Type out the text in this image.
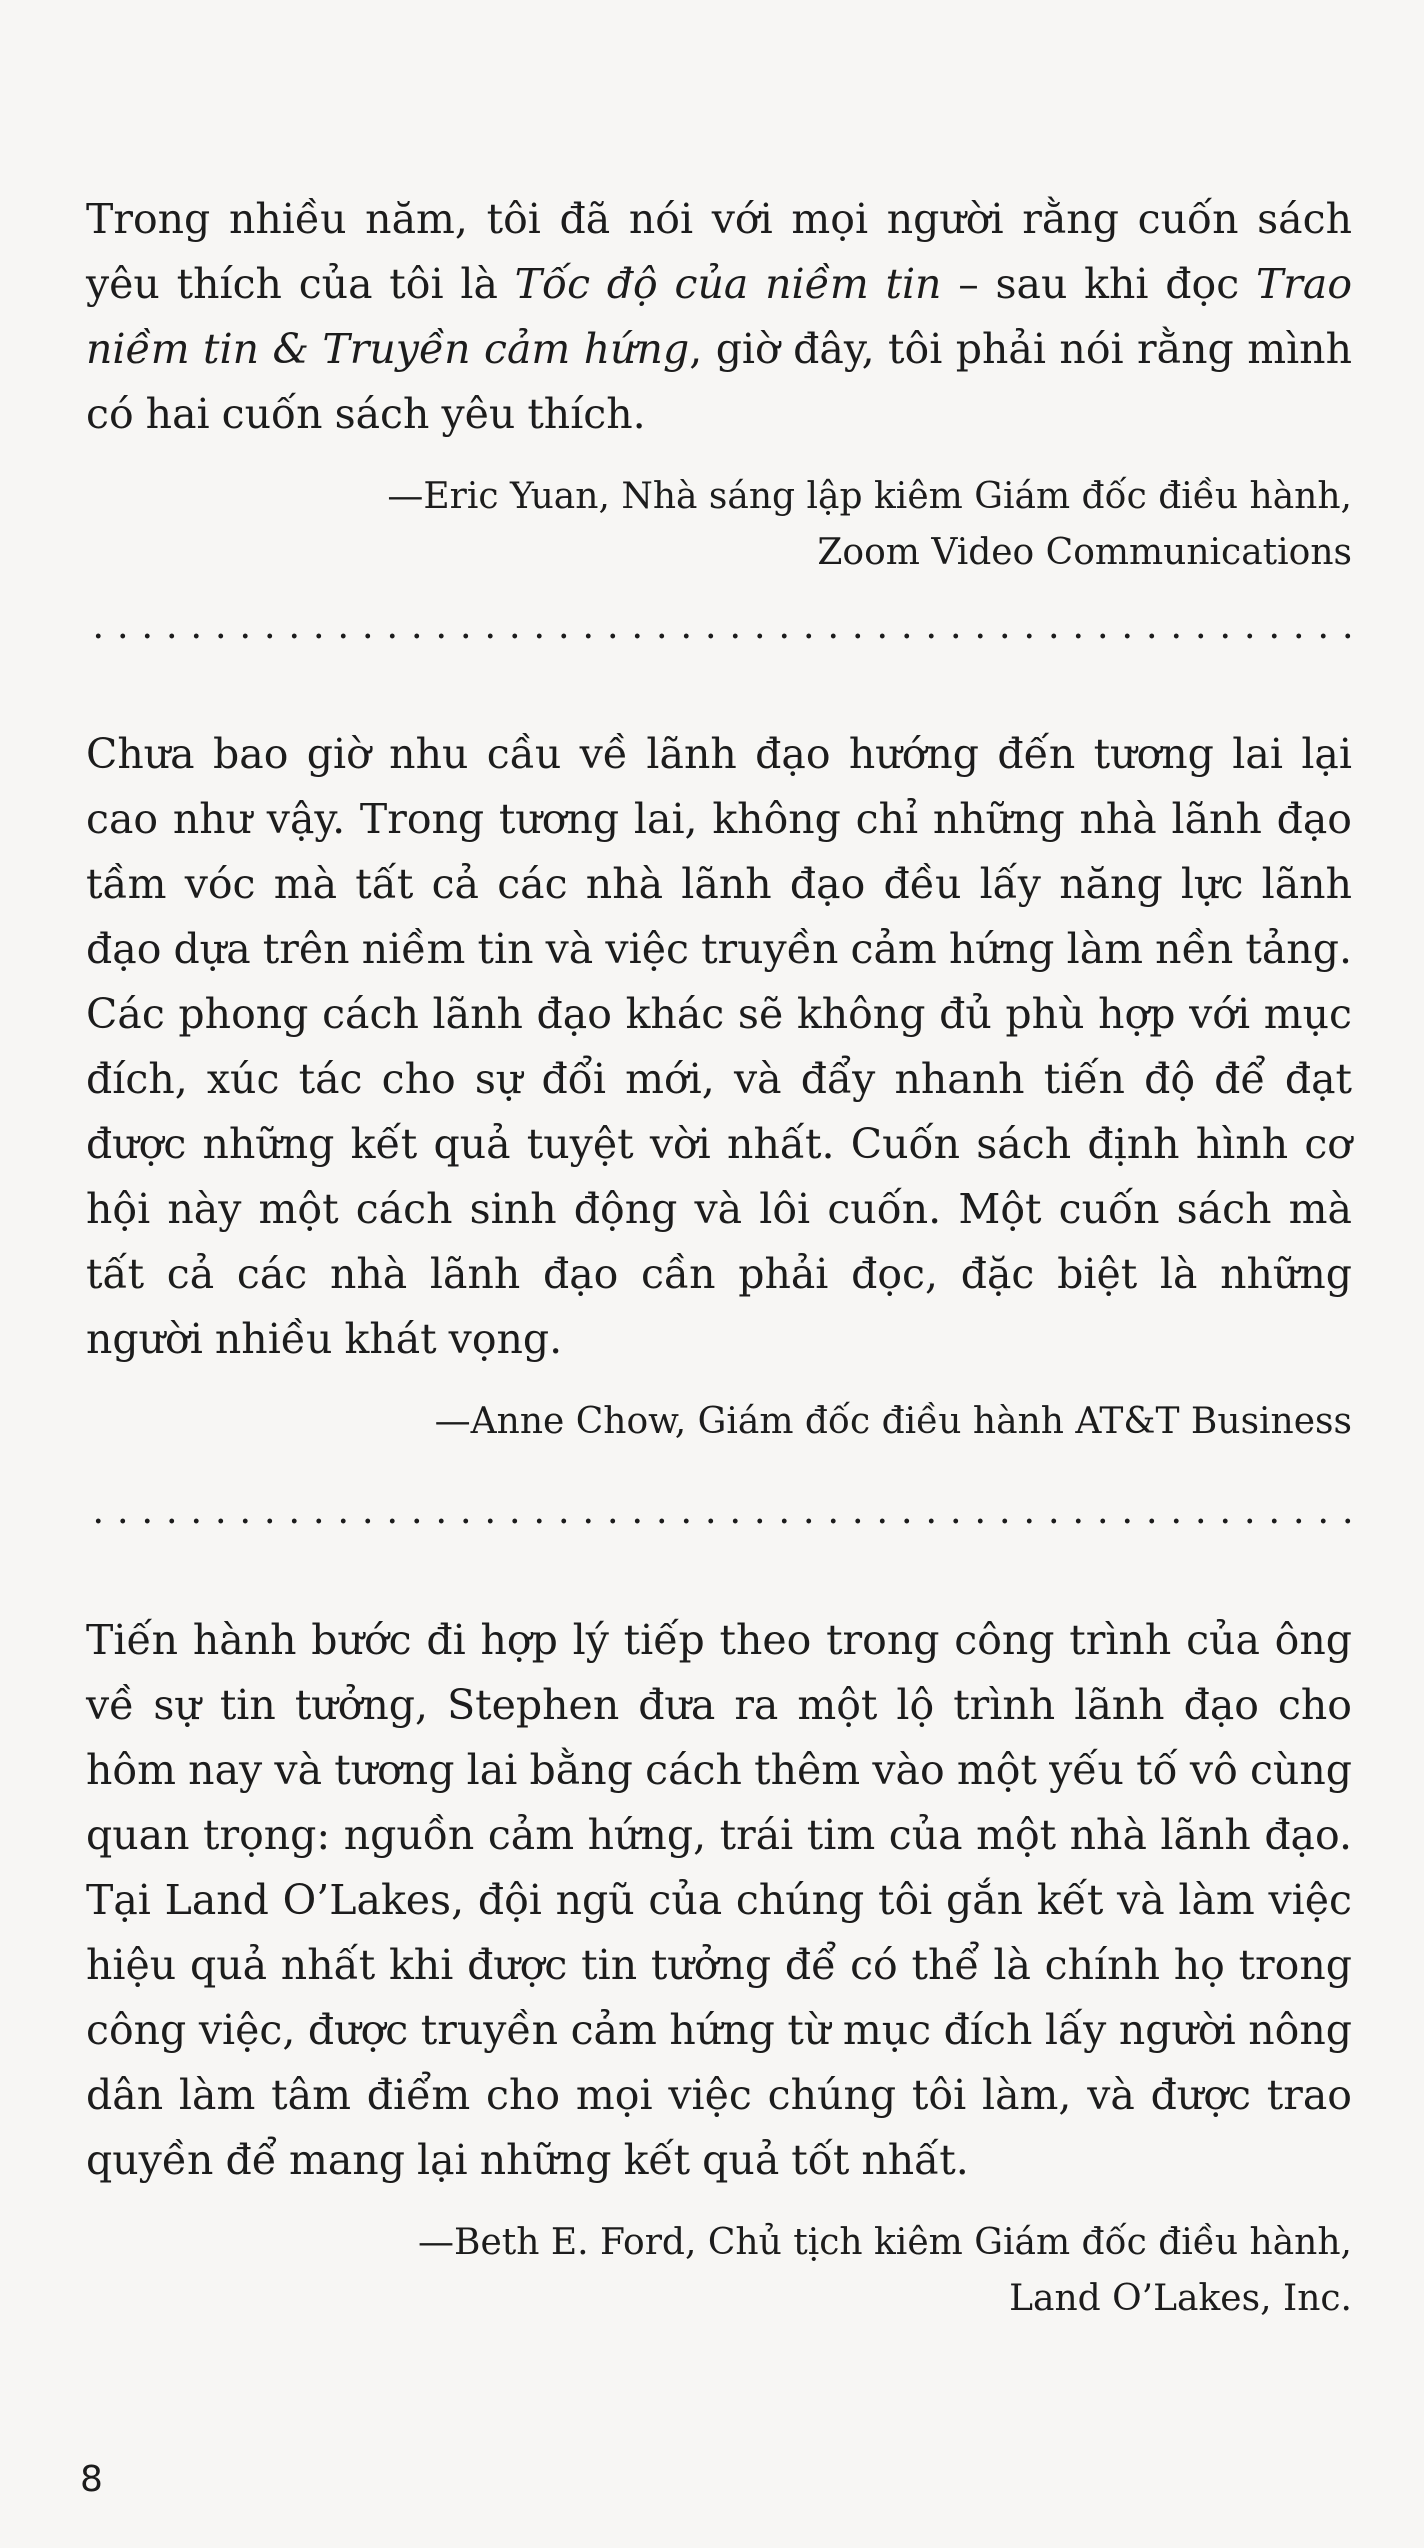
Trong nhiều năm, tôi đã nói với mọi người rằng cuốn sách yêu thích của tôi là Tốc độ của niềm tin – sau khi đọc Trao niềm tin & Truyền cảm hứng, giờ đây, tôi phải nói rằng mình có hai cuốn sách yêu thích.

—Eric Yuan, Nhà sáng lập kiêm Giám đốc điều hành,

Zoom Video Communications

Chưa bao giờ nhu cầu về lãnh đạo hướng đến tương lai lại cao như vậy. Trong tương lai, không chỉ những nhà lãnh đạo tầm vóc mà tất cả các nhà lãnh đạo đều lấy năng lực lãnh đạo dựa trên niềm tin và việc truyền cảm hứng làm nền tảng. Các phong cách lãnh đạo khác sẽ không đủ phù hợp với mục đích, xúc tác cho sự đổi mới, và đẩy nhanh tiến độ để đạt được những kết quả tuyệt vời nhất. Cuốn sách định hình cơ hội này một cách sinh động và lôi cuốn. Một cuốn sách mà tất cả các nhà lãnh đạo cần phải đọc, đặc biệt là những người nhiều khát vọng.

—Anne Chow, Giám đốc điều hành AT&T Business

Tiến hành bước đi hợp lý tiếp theo trong công trình của ông về sự tin tưởng, Stephen đưa ra một lộ trình lãnh đạo cho hôm nay và tương lai bằng cách thêm vào một yếu tố vô cùng quan trọng: nguồn cảm hứng, trái tim của một nhà lãnh đạo. Tại Land O’Lakes, đội ngũ của chúng tôi gắn kết và làm việc hiệu quả nhất khi được tin tưởng để có thể là chính họ trong công việc, được truyền cảm hứng từ mục đích lấy người nông dân làm tâm điểm cho mọi việc chúng tôi làm, và được trao quyền để mang lại những kết quả tốt nhất.

—Beth E. Ford, Chủ tịch kiêm Giám đốc điều hành,

Land O’Lakes, Inc.

8
